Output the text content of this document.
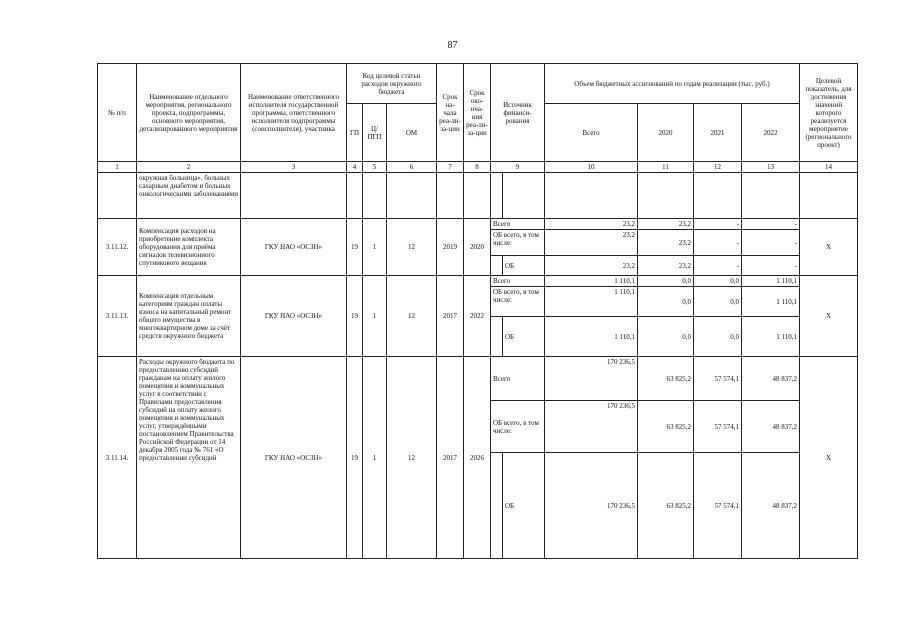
87
№ п/п	Наименование отдельного мероприятия, регионального проекта, подпрограммы, основного мероприятия, детализированного мероприятия	Наименование ответственного исполнителя государственной программы, ответственного исполнителя подпрограммы (соисполнителя), участника	Код целевой статьи расходов окружного бюджета			Срок на-чала реа-ли-за-ции	Срок око-нча-ния реа-ли-за-ции	Источник финанси-рования		Объем бюджетных ассигнований по годам реализации (тыс. руб.)				Целевой показатель, для достижения значений которого реализуется мероприятие (регионального проект)
			ГП	Ц/ ПГП	ОМ					Всего	2020	2021	2022	
1	2	3	4	5	6	7	8	9		10	11	12	13	14
	окружная больница», больных сахарным диабетом и больных онкологическими заболеваниями													
3.11.12.	Компенсация расходов на приобретение комплекта оборудования для приёма сигналов телевизионного спутникового вещания	ГКУ НАО «ОСЗН»	19	1	12	2019	2020	Всего		23,2	23,2	-	-	Х
								ОБ всего, в том числе:		23,2	23,2	-	-	
									ОБ	23,2	23,2	-	-	
3.11.13.	Компенсация отдельным категориям граждан оплаты взноса на капитальный ремонт общего имущества в многоквартирном доме за счёт средств окружного бюджета	ГКУ НАО «ОСЗН»	19	1	12	2017	2022	Всего		1 110,1	0,0	0,0	1 110,1	Х
								ОБ всего, в том числе:		1 110,1	0,0	0,0	1 110,1	
									ОБ	1 110,1	0,0	0,0	1 110,1	
3.11.14.	Расходы окружного бюджета по предоставлению субсидий гражданам на оплату жилого помещения и коммунальных услуг в соответствии с Правилами предоставления субсидий на оплату жилого помещения и коммунальных услуг, утверждёнными постановлением Правительства Российской Федерации от 14 декабря 2005 года № 761 «О предоставлении субсидий	ГКУ НАО «ОСЗН»	19	1	12	2017	2026	Всего		170 236,5	63 825,2	57 574,1	48 837,2	Х
								ОБ всего, в том числе:		170 236,5	63 825,2	57 574,1	48 837,2	
									ОБ	170 236,5	63 825,2	57 574,1	48 837,2	
